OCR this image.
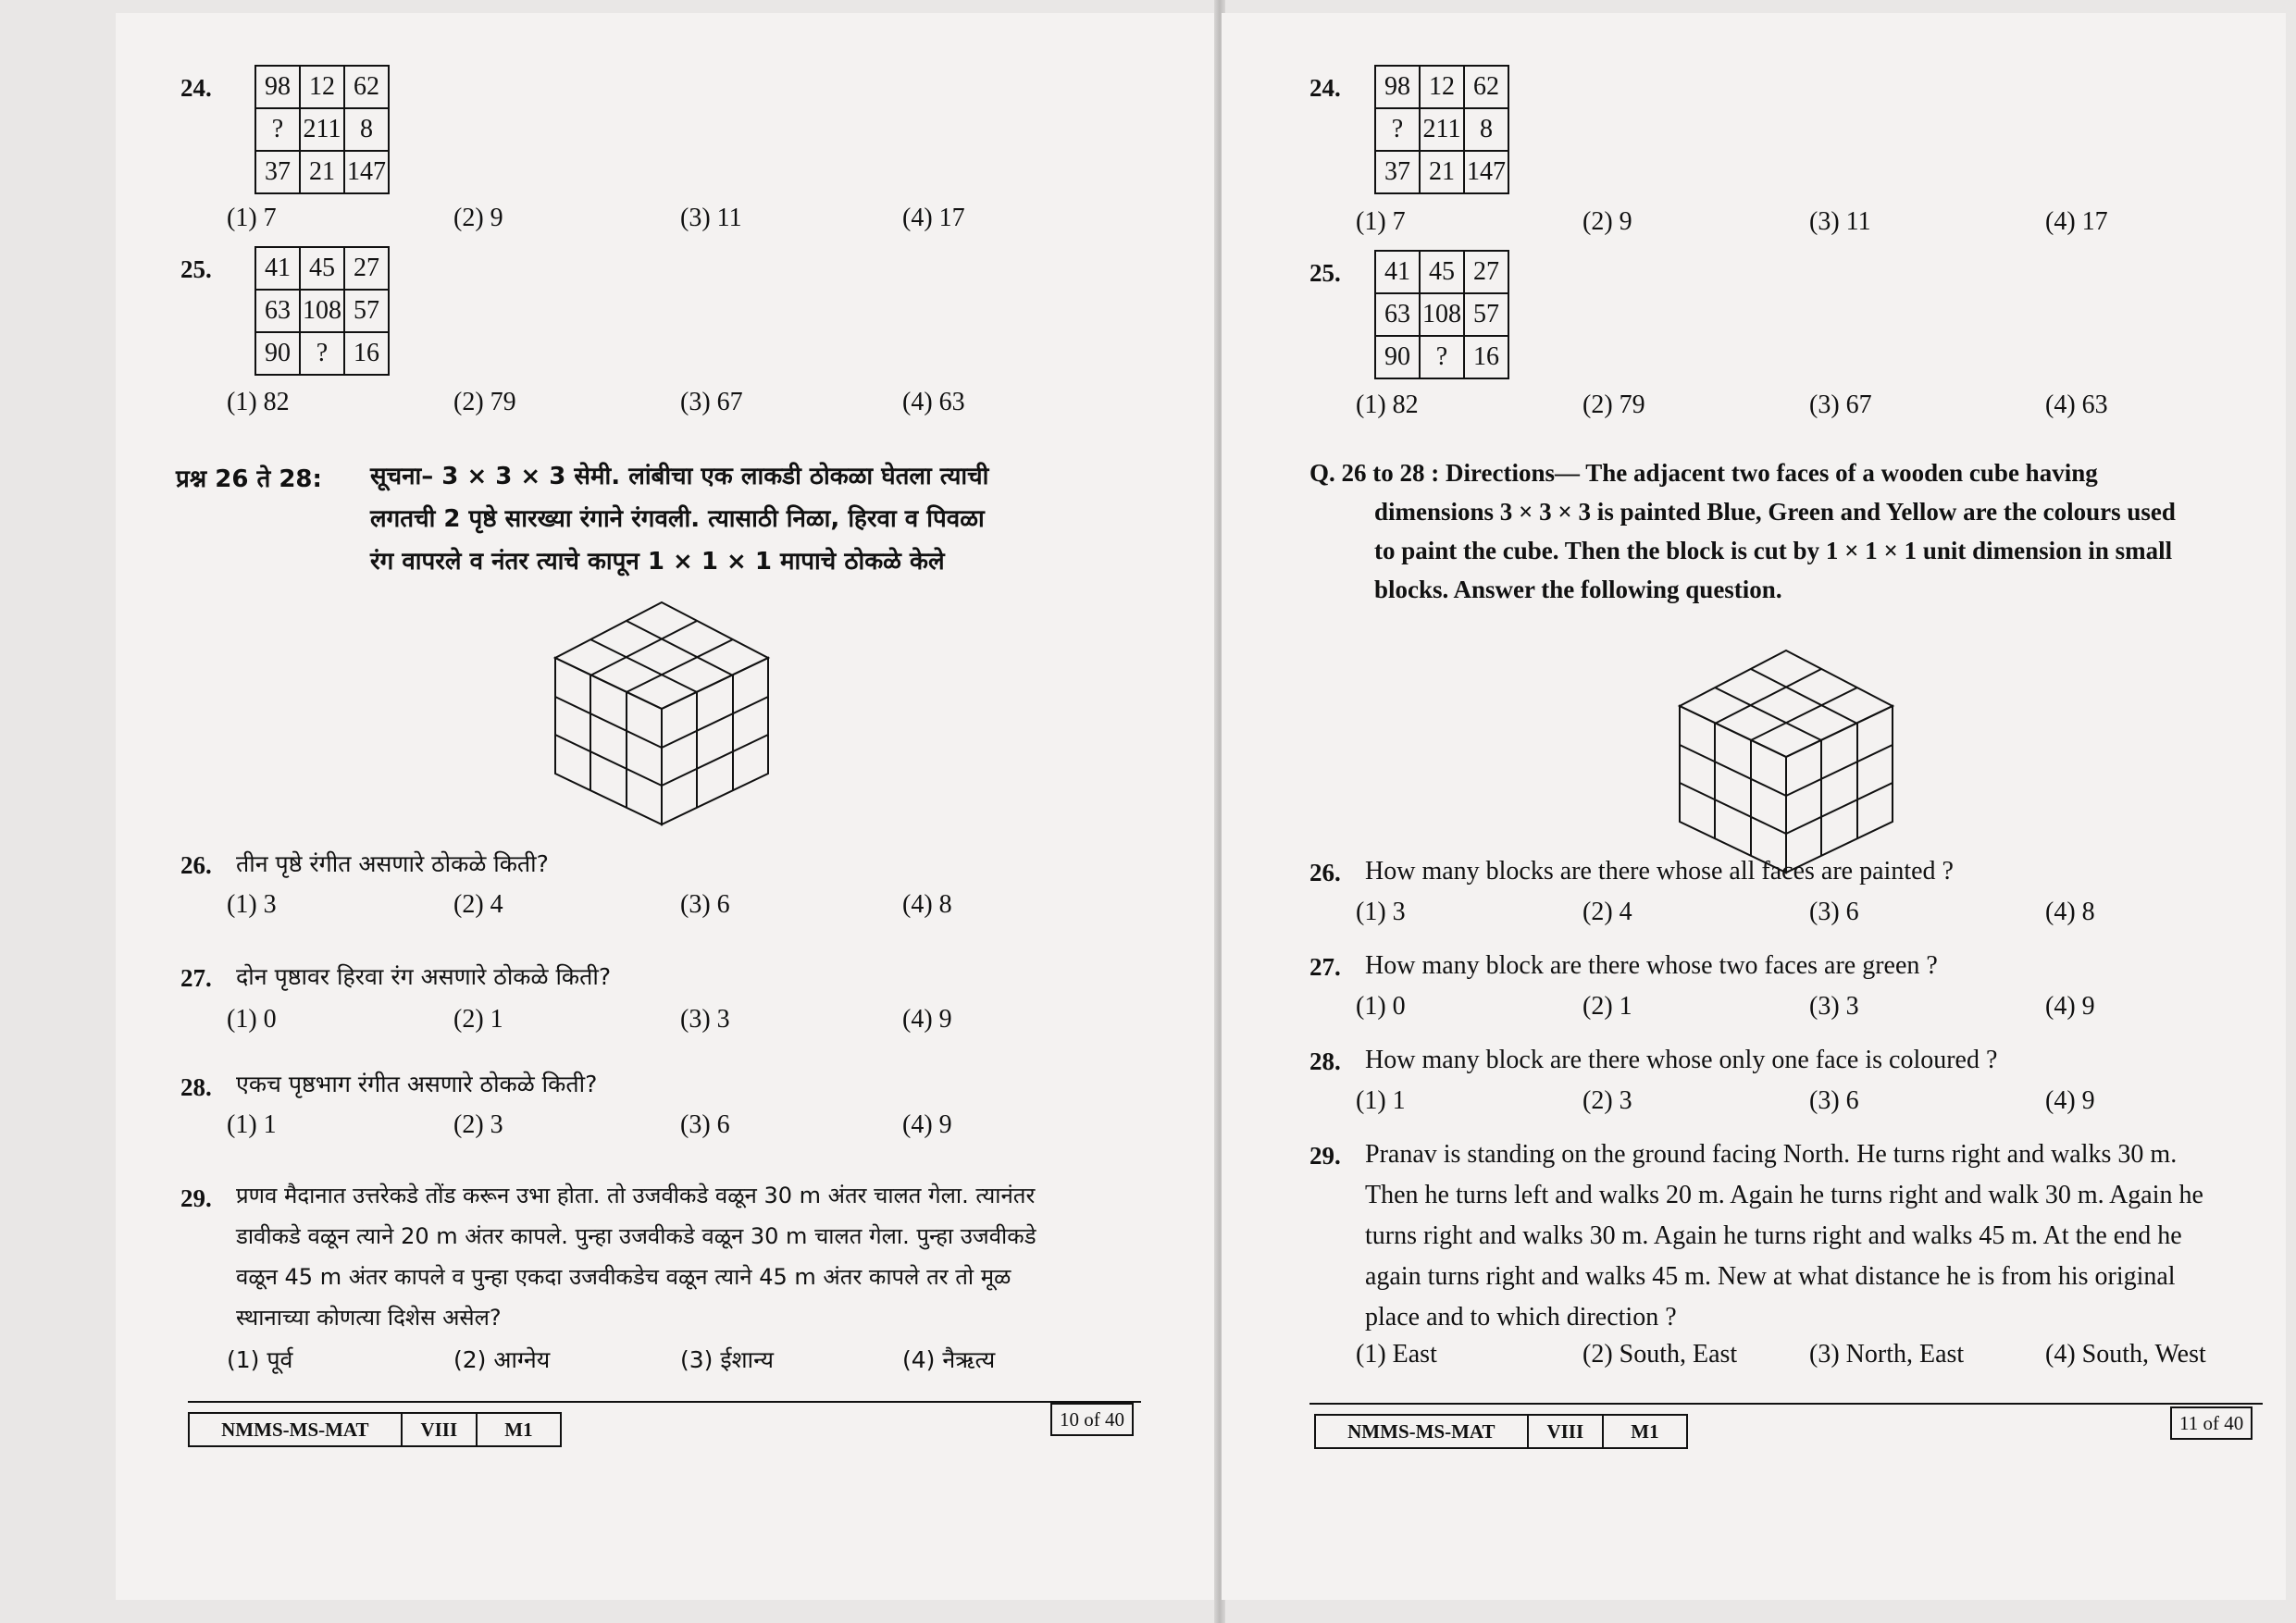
24. 98	12	62
?	211	8
37	21	147
(1) 7	(2) 9	(3) 11	(4) 17
25. 41	45	27
63	108	57
90	?	16
(1) 82	(2) 79	(3) 67	(4) 63
प्रश्न 26 ते 28: सूचना– 3 × 3 × 3 सेमी. लांबीचा एक लाकडी ठोकळा घेतला त्याची
लगतची 2 पृष्ठे सारख्या रंगाने रंगवली. त्यासाठी निळा, हिरवा व पिवळा
रंग वापरले व नंतर त्याचे कापून 1 × 1 × 1 मापाचे ठोकळे केले
26. तीन पृष्ठे रंगीत असणारे ठोकळे किती?
(1) 3	(2) 4	(3) 6	(4) 8
27. दोन पृष्ठावर हिरवा रंग असणारे ठोकळे किती?
(1) 0	(2) 1	(3) 3	(4) 9
28. एकच पृष्ठभाग रंगीत असणारे ठोकळे किती?
(1) 1	(2) 3	(3) 6	(4) 9
29. प्रणव मैदानात उत्तरेकडे तोंड करून उभा होता. तो उजवीकडे वळून 30 m अंतर चालत गेला. त्यानंतर
डावीकडे वळून त्याने 20 m अंतर कापले. पुन्हा उजवीकडे वळून 30 m चालत गेला. पुन्हा उजवीकडे
वळून 45 m अंतर कापले व पुन्हा एकदा उजवीकडेच वळून त्याने 45 m अंतर कापले तर तो मूळ
स्थानाच्या कोणत्या दिशेस असेल?
(1) पूर्व	(2) आग्नेय	(3) ईशान्य	(4) नैऋत्य
NMMS-MS-MAT	VIII	M1	10 of 40
24. 98	12	62
?	211	8
37	21	147
(1) 7	(2) 9	(3) 11	(4) 17
25. 41	45	27
63	108	57
90	?	16
(1) 82	(2) 79	(3) 67	(4) 63
Q. 26 to 28 : Directions— The adjacent two faces of a wooden cube having
dimensions 3 × 3 × 3 is painted Blue, Green and Yellow are the colours used
to paint the cube. Then the block is cut by 1 × 1 × 1 unit dimension in small
blocks. Answer the following question.
26. How many blocks are there whose all faces are painted ?
(1) 3	(2) 4	(3) 6	(4) 8
27. How many block are there whose two faces are green ?
(1) 0	(2) 1	(3) 3	(4) 9
28. How many block are there whose only one face is coloured ?
(1) 1	(2) 3	(3) 6	(4) 9
29. Pranav is standing on the ground facing North. He turns right and walks 30 m.
Then he turns left and walks 20 m. Again he turns right and walk 30 m. Again he
turns right and walks 30 m. Again he turns right and walks 45 m. At the end he
again turns right and walks 45 m. New at what distance he is from his original
place and to which direction ?
(1) East	(2) South, East	(3) North, East	(4) South, West
NMMS-MS-MAT	VIII	M1	11 of 40
